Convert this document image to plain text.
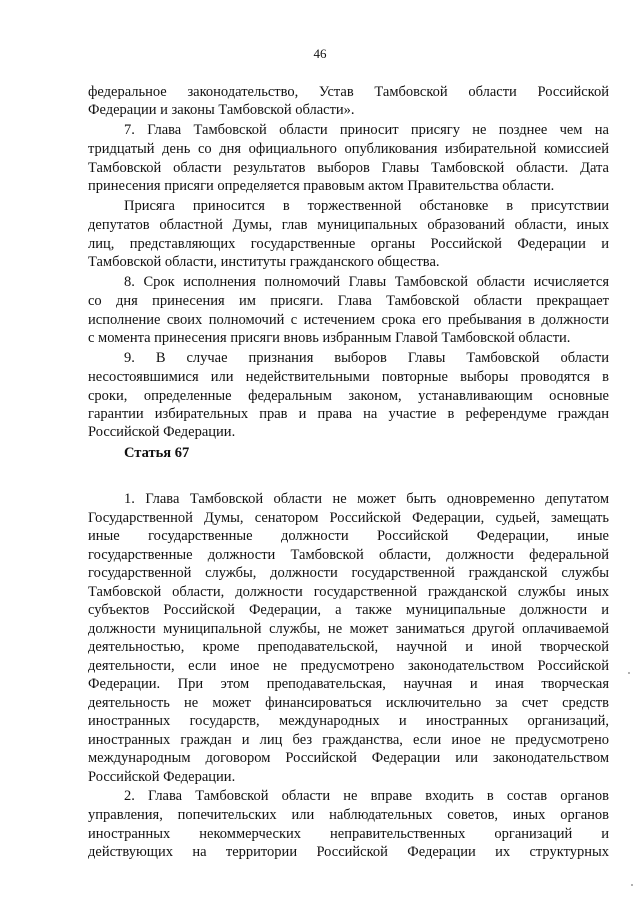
46
федеральное законодательство, Устав Тамбовской области Российской
Федерации и законы Тамбовской области».
7. Глава Тамбовской области приносит присягу не позднее чем на
тридцатый день со дня официального опубликования избирательной комиссией
Тамбовской области результатов выборов Главы Тамбовской области. Дата
принесения присяги определяется правовым актом Правительства области.
Присяга приносится в торжественной обстановке в присутствии
депутатов областной Думы, глав муниципальных образований области, иных
лиц, представляющих государственные органы Российской Федерации и
Тамбовской области, институты гражданского общества.
8. Срок исполнения полномочий Главы Тамбовской области исчисляется
со дня принесения им присяги. Глава Тамбовской области прекращает
исполнение своих полномочий с истечением срока его пребывания в должности
с момента принесения присяги вновь избранным Главой Тамбовской области.
9. В случае признания выборов Главы Тамбовской области
несостоявшимися или недействительными повторные выборы проводятся в
сроки, определенные федеральным законом, устанавливающим основные
гарантии избирательных прав и права на участие в референдуме граждан
Российской Федерации.
Статья 67
1. Глава Тамбовской области не может быть одновременно депутатом
Государственной Думы, сенатором Российской Федерации, судьей, замещать
иные государственные должности Российской Федерации, иные
государственные должности Тамбовской области, должности федеральной
государственной службы, должности государственной гражданской службы
Тамбовской области, должности государственной гражданской службы иных
субъектов Российской Федерации, а также муниципальные должности и
должности муниципальной службы, не может заниматься другой оплачиваемой
деятельностью, кроме преподавательской, научной и иной творческой
деятельности, если иное не предусмотрено законодательством Российской
Федерации. При этом преподавательская, научная и иная творческая
деятельность не может финансироваться исключительно за счет средств
иностранных государств, международных и иностранных организаций,
иностранных граждан и лиц без гражданства, если иное не предусмотрено
международным договором Российской Федерации или законодательством
Российской Федерации.
2. Глава Тамбовской области не вправе входить в состав органов
управления, попечительских или наблюдательных советов, иных органов
иностранных некоммерческих неправительственных организаций и
действующих на территории Российской Федерации их структурных
